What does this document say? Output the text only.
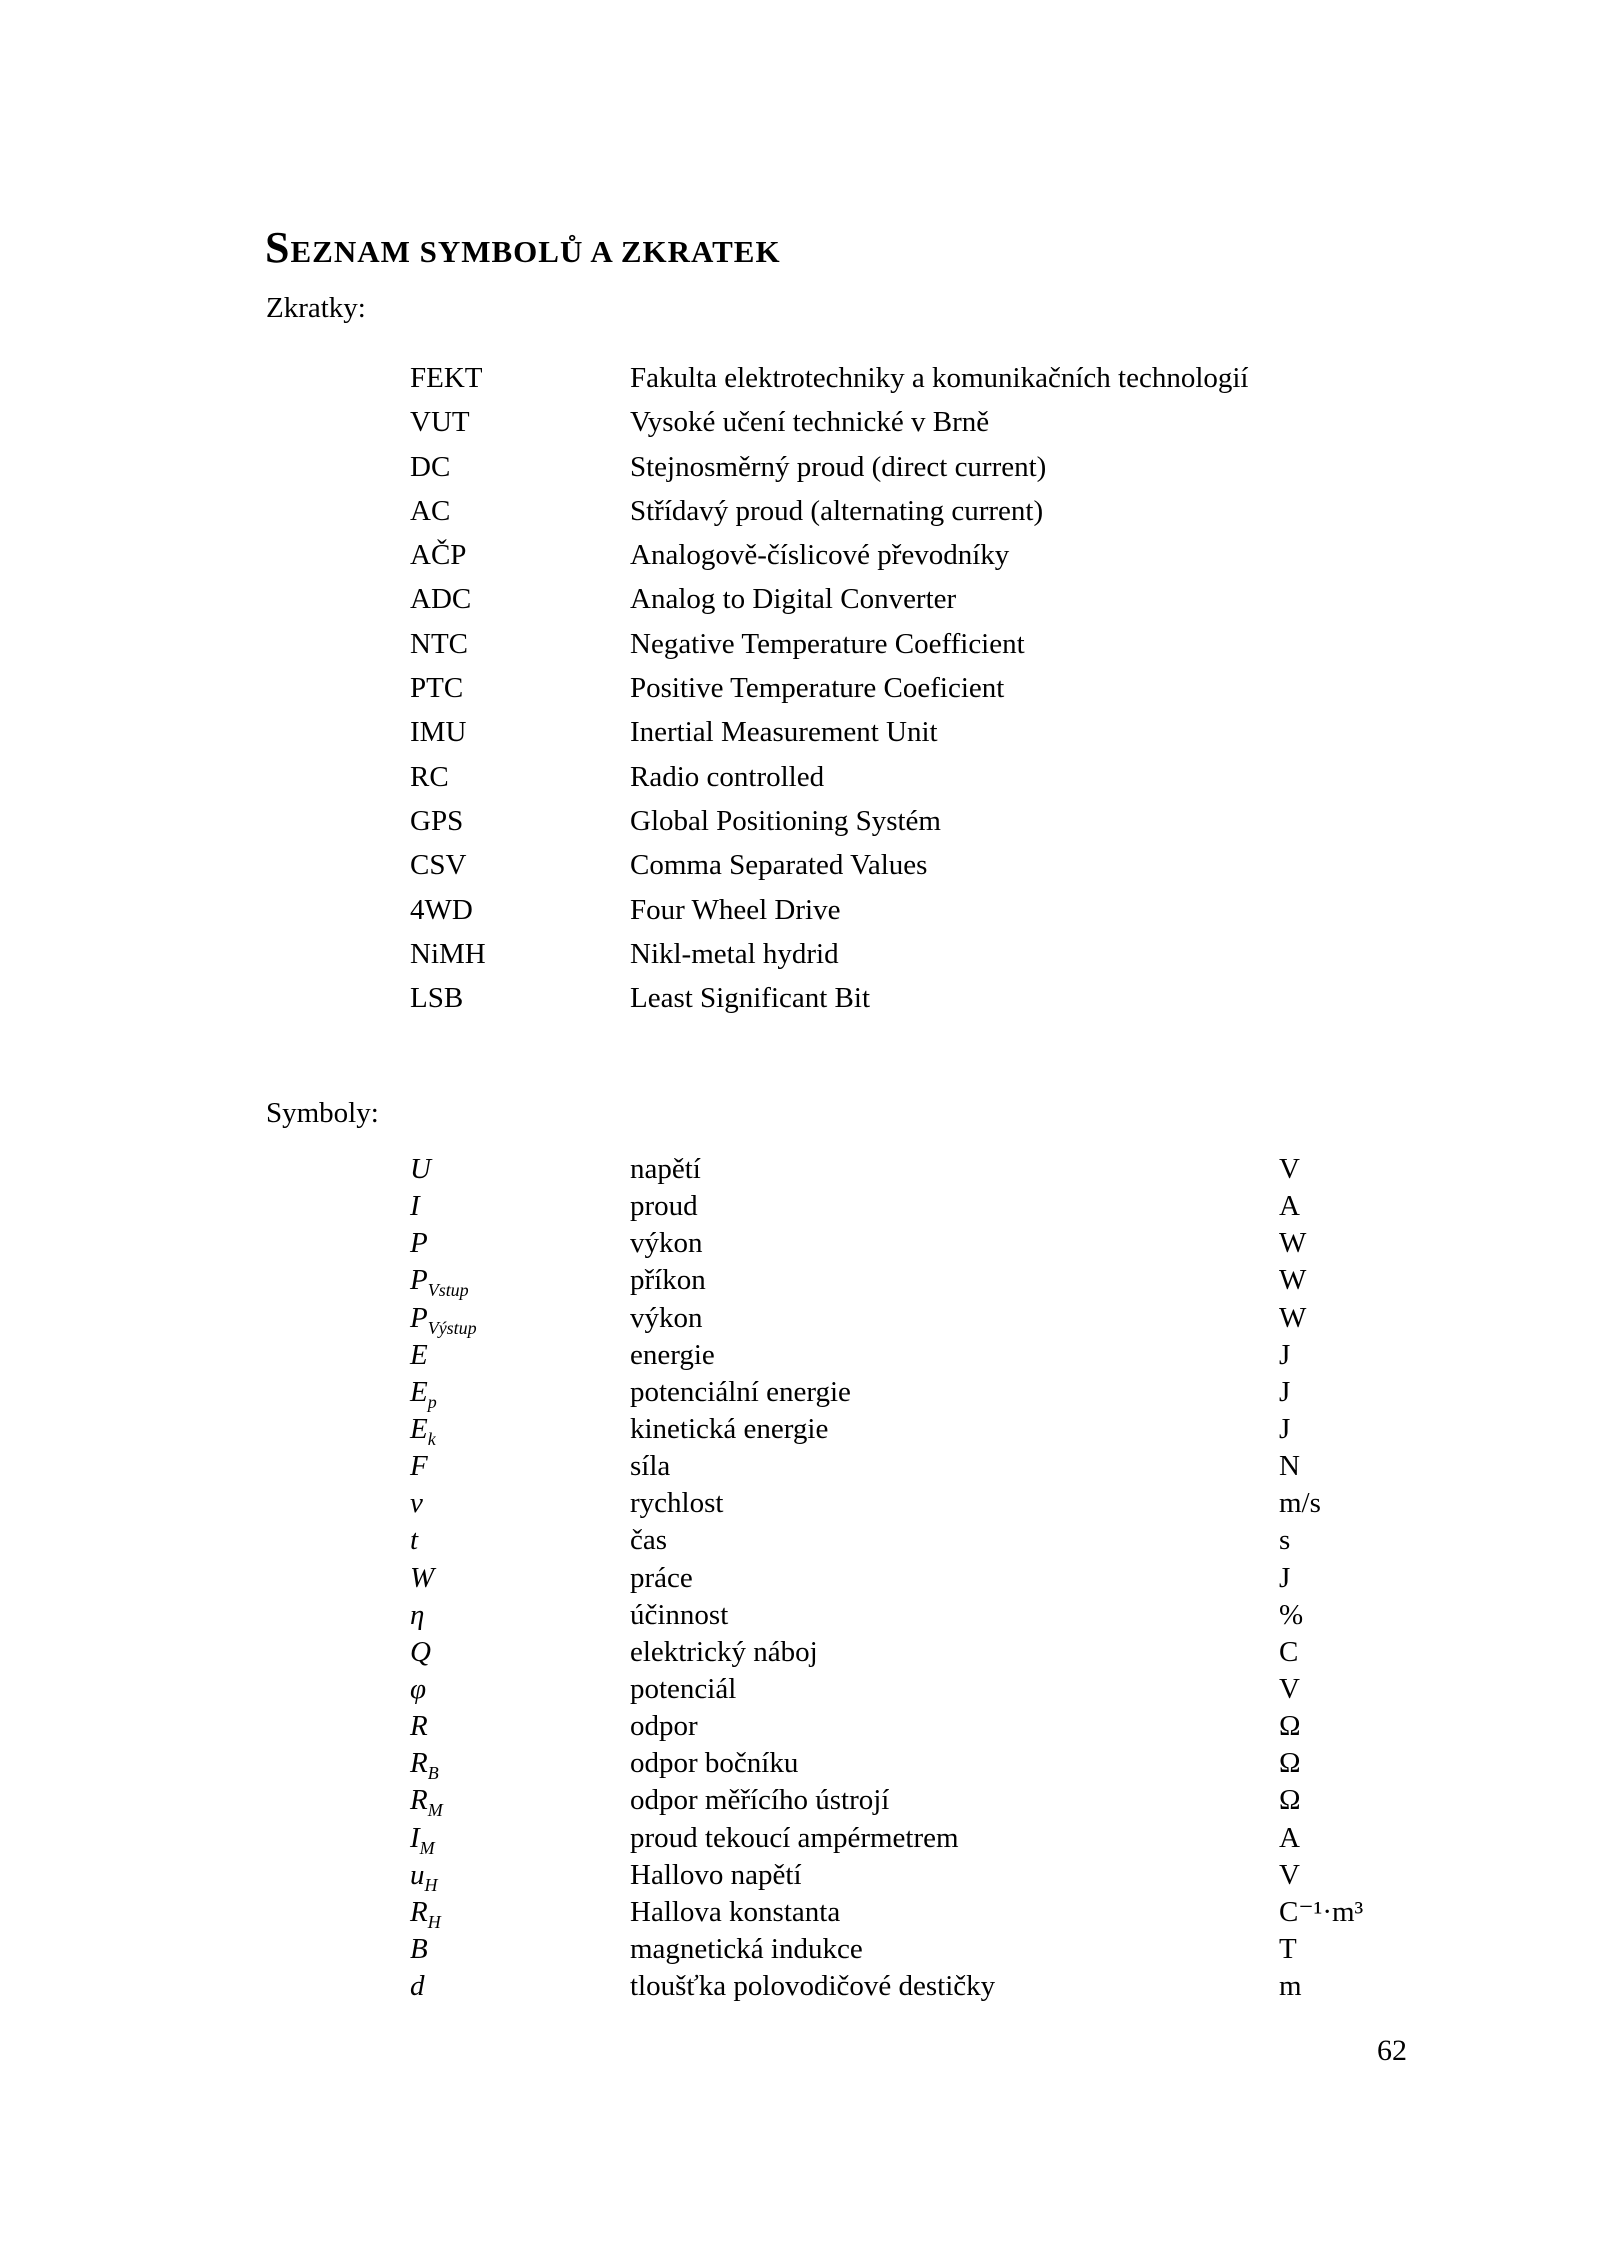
SEZNAM SYMBOLŮ A ZKRATEK
Zkratky:
FEKT	Fakulta elektrotechniky a komunikačních technologií
VUT	Vysoké učení technické v Brně
DC	Stejnosměrný proud (direct current)
AC	Střídavý proud (alternating current)
AČP	Analogově-číslicové převodníky
ADC	Analog to Digital Converter
NTC	Negative Temperature Coefficient
PTC	Positive Temperature Coeficient
IMU	Inertial Measurement Unit
RC	Radio controlled
GPS	Global Positioning Systém
CSV	Comma Separated Values
4WD	Four Wheel Drive
NiMH	Nikl-metal hydrid
LSB	Least Significant Bit
Symboly:
U	napětí	V
I	proud	A
P	výkon	W
$P_{Vstup}$	příkon	W
$P_{Výstup}$	výkon	W
E	energie	J
$E_p$	potenciální energie	J
$E_k$	kinetická energie	J
F	síla	N
v	rychlost	m/s
t	čas	s
W	práce	J
η	účinnost	%
Q	elektrický náboj	C
φ	potenciál	V
R	odpor	Ω
$R_B$	odpor bočníku	Ω
$R_M$	odpor měřícího ústrojí	Ω
$I_M$	proud tekoucí ampérmetrem	A
$u_H$	Hallovo napětí	V
$R_H$	Hallova konstanta	C⁻¹·m³
B	magnetická indukce	T
d	tloušťka polovodičové destičky	m
62
